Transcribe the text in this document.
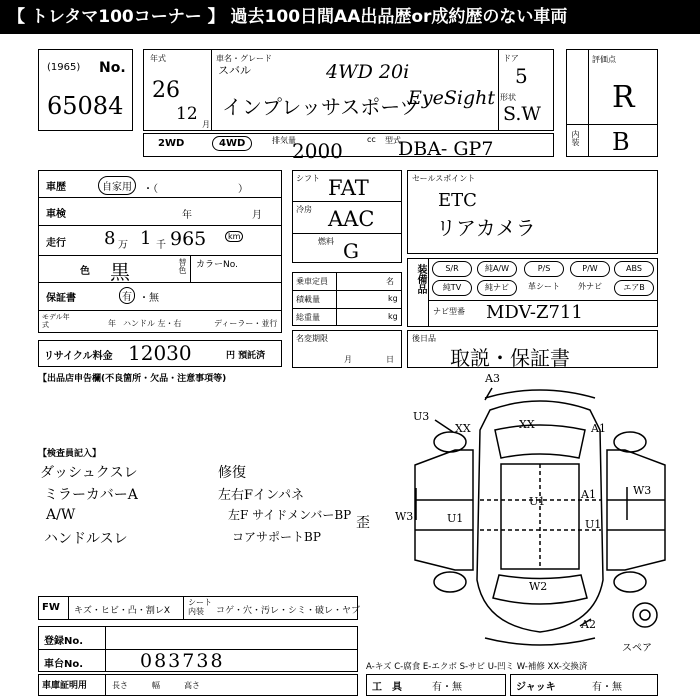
【 トレタマ100コーナー 】 過去100日間AA出品歴or成約歴のない車両
(1965) No.
65084
年式
26
12
月
車名・グレード
スバル	4WD 20i
インプレッサスポーツ
EyeSight
ドア
5
形状
S.W
評価点
R
内装 B
2WD	4WD	排気量
2000	cc 型式
DBA- GP7
車歴	自家用	・（　　　　　　　　）
車検	年	月
走行 8 万 1 千 965	km
色 黒	替色 カラーNo.
保証書	有 ・無
モデル年式	年 ハンドル 左・右	ディーラー・並行
シフト FAT
冷房 AAC
燃料 G
乗車定員	名
積載量	kg
総重量	kg
名変期限
月	日
セールスポイント
ETC
リアカメラ
装備品	S/R	純A/W	P/S	P/W	ABS
純TV	純ナビ	革シート	外ナビ	エアB
ナビ型番 MDV-Z711
後日品
取説・保証書
リサイクル料金 12030	円 預託済
【出品店申告欄(不良箇所・欠品・注意事項等)
【検査員記入】
ダッシュクスレ
ミラーカバーA
A/W
ハンドルスレ
修復
左右Fインパネ
左F サイドメンバーBP
コアサポートBP
歪
A3
U3
XX	XX	A1
W3
A1
U1
W3	U1	U1
W2
A2
スペア
FW キズ・ヒビ・凸・割レX
シート内装	コゲ・穴・汚レ・シミ・破レ・ヤブ
登録No.
車台No.	083738
車庫証明用	長さ　　　幅　　　高さ
A-キズ C-腐食 E-エクボ S-サビ U-凹ミ W-補修 XX-交換済
工　具	有・無	ジャッキ	有・無
